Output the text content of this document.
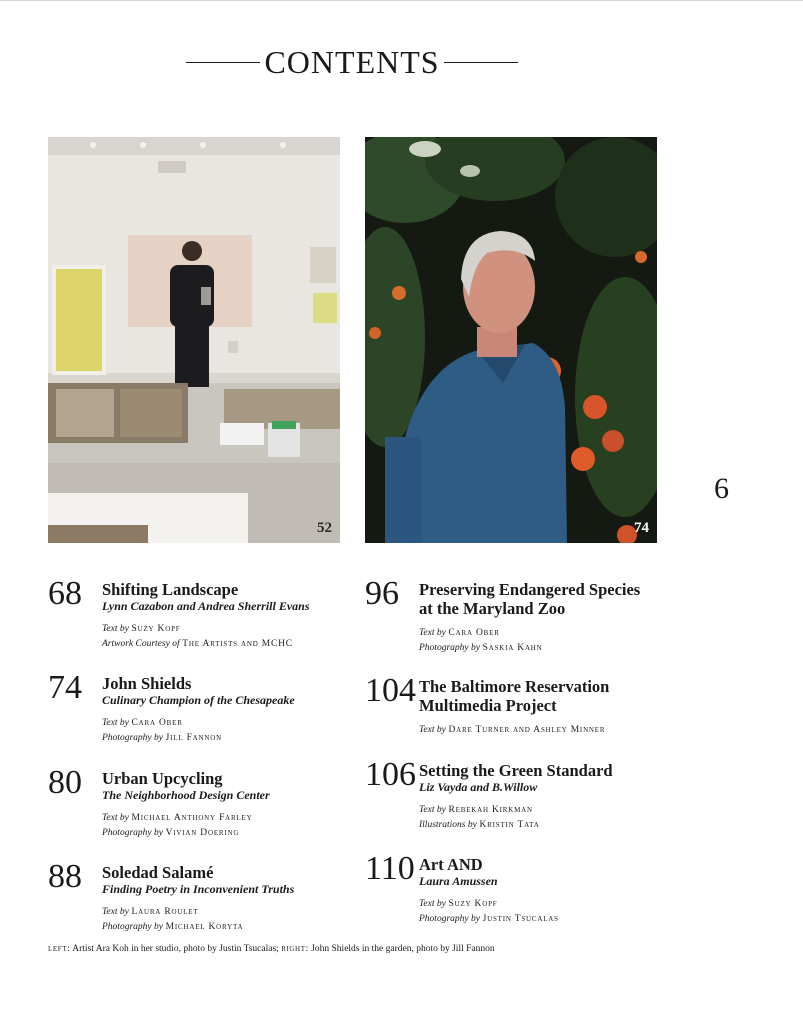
CONTENTS
52	74
6
68 Shifting Landscape

Lynn Cazabon and Andrea Sherrill Evans

Text by Suzy Kopf

Artwork Courtesy of The Artists and MCHC

74 John Shields

Culinary Champion of the Chesapeake

Text by Cara Ober

Photography by Jill Fannon

80 Urban Upcycling

The Neighborhood Design Center

Text by Michael Anthony Farley

Photography by Vivian Doering

88 Soledad Salamé

Finding Poetry in Inconvenient Truths

Text by Laura Roulet

Photography by Michael Koryta

96 Preserving Endangered Species
at the Maryland Zoo

Text by Cara Ober

Photography by Saskia Kahn

104 The Baltimore Reservation
Multimedia Project

Text by Dare Turner and Ashley Minner

106 Setting the Green Standard

Liz Vayda and B.Willow

Text by Rebekah Kirkman

Illustrations by Kristin Tata

110 Art AND

Laura Amussen

Text by Suzy Kopf

Photography by Justin Tsucalas

left: Artist Ara Koh in her studio, photo by Justin Tsucalas; right: John Shields in the garden, photo by Jill Fannon
